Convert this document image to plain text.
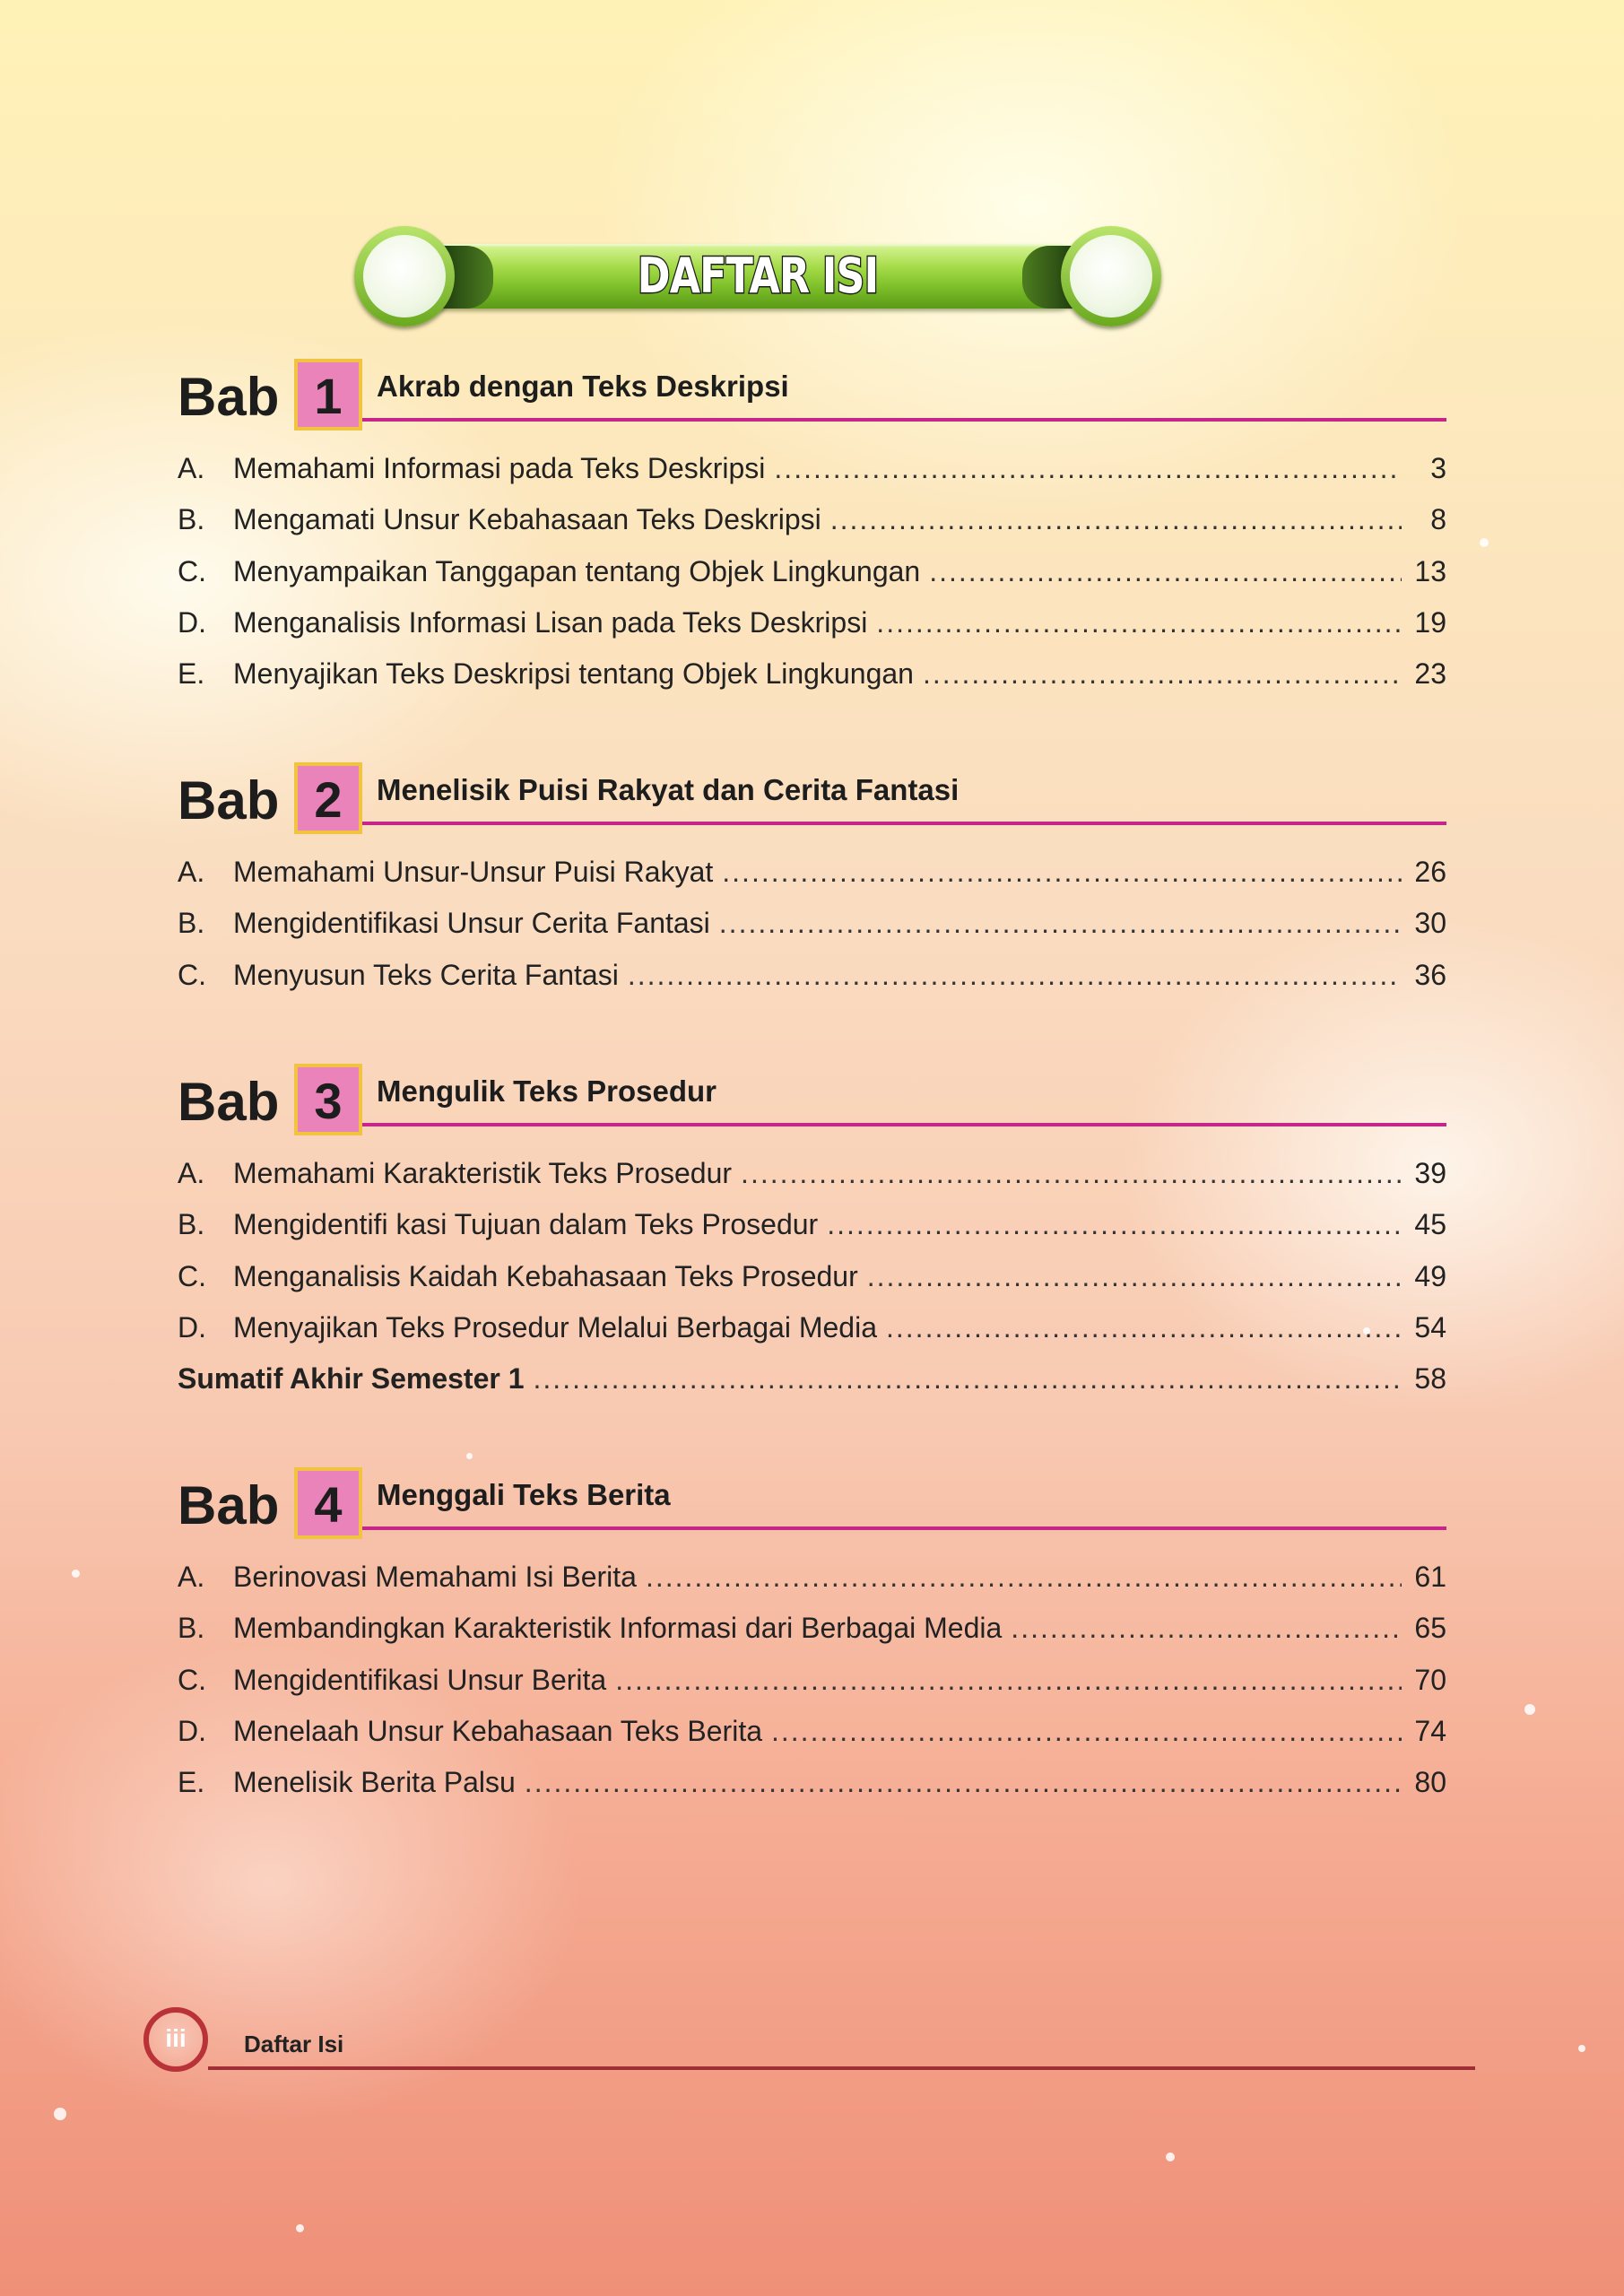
DAFTAR ISI
Bab 1	Akrab dengan Teks Deskripsi
A. Memahami Informasi pada Teks Deskripsi .....	3
B. Mengamati Unsur Kebahasaan Teks Deskripsi .....	8
C. Menyampaikan Tanggapan tentang Objek Lingkungan .....	13
D. Menganalisis Informasi Lisan pada Teks Deskripsi .....	19
E. Menyajikan Teks Deskripsi tentang Objek Lingkungan .....	23
Bab 2	Menelisik Puisi Rakyat dan Cerita Fantasi
A. Memahami Unsur-Unsur Puisi Rakyat .....	26
B. Mengidentifikasi Unsur Cerita Fantasi .....	30
C. Menyusun Teks Cerita Fantasi .....	36
Bab 3	Mengulik Teks Prosedur
A. Memahami Karakteristik Teks Prosedur .....	39
B. Mengidentifi kasi Tujuan dalam Teks Prosedur .....	45
C. Menganalisis Kaidah Kebahasaan Teks Prosedur .....	49
D. Menyajikan Teks Prosedur Melalui Berbagai Media .....	54
Sumatif Akhir Semester 1 .....	58
Bab 4	Menggali Teks Berita
A. Berinovasi Memahami Isi Berita .....	61
B. Membandingkan Karakteristik Informasi dari Berbagai Media .....	65
C. Mengidentifikasi Unsur Berita .....	70
D. Menelaah Unsur Kebahasaan Teks Berita .....	74
E. Menelisik Berita Palsu .....	80
iii	Daftar Isi
